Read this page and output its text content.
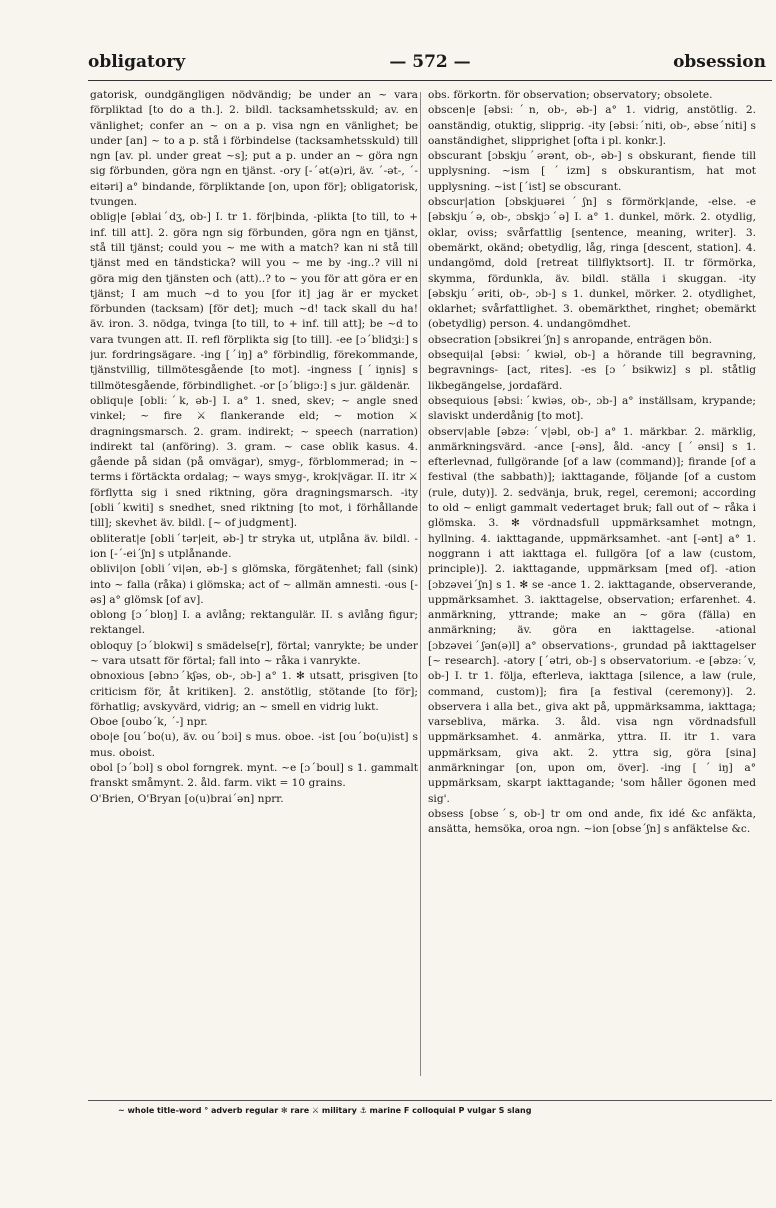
obligatory	— 572 —	obsession

gatorisk, oundgängligen nödvändig; be under an ~ vara förpliktad [to do a th.]. 2. bildl. tacksamhetsskuld; av. en vänlighet; confer an ~ on a p. visa ngn en vänlighet; be under [an] ~ to a p. stå i förbindelse (tacksamhetsskuld) till ngn [av. pl. under great ~s]; put a p. under an ~ göra ngn sig förbunden, göra ngn en tjänst. -ory [-ˊət(ə)ri, äv. ˊ-ət-, ˊ-eitəri] a° bindande, förpliktande [on, upon för]; obligatorisk, tvungen.

oblig|e [əblaiˊdʒ, ob-] I. tr 1. för|binda, -plikta [to till, to + inf. till att]. 2. göra ngn sig förbunden, göra ngn en tjänst, stå till tjänst; could you ~ me with a match? kan ni stå till tjänst med en tändsticka? will you ~ me by -ing..? vill ni göra mig den tjänsten och (att)..? to ~ you för att göra er en tjänst; I am much ~d to you [for it] jag är er mycket förbunden (tacksam) [för det]; much ~d! tack skall du ha! äv. iron. 3. nödga, tvinga [to till, to + inf. till att]; be ~d to vara tvungen att. II. refl förplikta sig [to till]. -ee [ɔˊblidʒiː] s jur. fordringsägare. -ing [ˊiŋ] a° förbindlig, förekommande, tjänstvillig, tillmötesgående [to mot]. -ingness [ˊiŋnis] s tillmötesgående, förbindlighet. -or [ɔˊbligɔː] s jur. gäldenär.

obliqu|e [obliːˊk, əb-] I. a° 1. sned, skev; ~ angle sned vinkel; ~ fire ⚔ flankerande eld; ~ motion ⚔ dragningsmarsch. 2. gram. indirekt; ~ speech (narration) indirekt tal (anföring). 3. gram. ~ case oblik kasus. 4. gående på sidan (på omvägar), smyg-, förblommerad; in ~ terms i förtäckta ordalag; ~ ways smyg-, krok|vägar. II. itr ⚔ förflytta sig i sned riktning, göra dragningsmarsch. -ity [obliˊkwiti] s snedhet, sned riktning [to mot, i förhållande till]; skevhet äv. bildl. [~ of judgment].

obliterat|e [obliˊtər|eit, əb-] tr stryka ut, utplåna äv. bildl. -ion [-ˊ-eiˊʃn] s utplånande.

oblivi|on [obliˊvi|ən, əb-] s glömska, förgätenhet; fall (sink) into ~ falla (råka) i glömska; act of ~ allmän amnesti. -ous [-əs] a° glömsk [of av].

oblong [ɔˊbloŋ] I. a avlång; rektangulär. II. s avlång figur; rektangel.

obloquy [ɔˊblokwi] s smädelse[r], förtal; vanrykte; be under ~ vara utsatt för förtal; fall into ~ råka i vanrykte.

obnoxious [əbnɔˊkʃəs, ob-, ɔb-] a° 1. ✻ utsatt, prisgiven [to criticism för, åt kritiken]. 2. anstötlig, stötande [to för]; förhatlig; avskyvärd, vidrig; an ~ smell en vidrig lukt.

Oboe [ouboˊk, ˊ-] npr.

obo|e [ouˊbo(u), äv. ouˊbɔi] s mus. oboe. -ist [ouˊbo(u)ist] s mus. oboist.

obol [ɔˊbɔl] s obol forngrek. mynt. ~e [ɔˊboul] s 1. gammalt franskt småmynt. 2. åld. farm. vikt = 10 grains.

O'Brien, O'Bryan [o(u)braiˊən] nprr.

obs. förkortn. för observation; observatory; obsolete.

obscen|e [əbsiːˊn, ob-, əb-] a° 1. vidrig, anstötlig. 2. oanständig, otuktig, slipprig. -ity [əbsiːˊniti, ob-, əbseˊniti] s oanständighet, slipprighet [ofta i pl. konkr.].

obscurant [ɔbskjuˊərənt, ob-, əb-] s obskurant, fiende till upplysning. ~ism [ˊizm] s obskurantism, hat mot upplysning. ~ist [ˊist] se obscurant.

obscur|ation [ɔbskjuəreiˊʃn] s förmörk|ande, -else. -e [əbskjuˊə, ob-, ɔbskjɔˊə] I. a° 1. dunkel, mörk. 2. otydlig, oklar, oviss; svårfattlig [sentence, meaning, writer]. 3. obemärkt, okänd; obetydlig, låg, ringa [descent, station]. 4. undangömd, dold [retreat tillflyktsort]. II. tr förmörka, skymma, fördunkla, äv. bildl. ställa i skuggan. -ity [əbskjuˊəriti, ob-, ɔb-] s 1. dunkel, mörker. 2. otydlighet, oklarhet; svårfattlighet. 3. obemärkthet, ringhet; obemärkt (obetydlig) person. 4. undangömdhet.

obsecration [ɔbsikreiˊʃn] s anropande, enträgen bön.

obsequi|al [əbsiːˊkwiəl, ob-] a hörande till begravning, begravnings- [act, rites]. -es [ɔˊbsikwiz] s pl. ståtlig likbegängelse, jordafärd.

obsequious [əbsiːˊkwiəs, ob-, ɔb-] a° inställsam, krypande; slaviskt underdånig [to mot].

observ|able [əbzəːˊv|əbl, ob-] a° 1. märkbar. 2. märklig, anmärkningsvärd. -ance [-əns], åld. -ancy [ˊənsi] s 1. efterlevnad, fullgörande [of a law (command)]; firande [of a festival (the sabbath)]; iakttagande, följande [of a custom (rule, duty)]. 2. sedvänja, bruk, regel, ceremoni; according to old ~ enligt gammalt vedertaget bruk; fall out of ~ råka i glömska. 3. ✻ vördnadsfull uppmärksamhet motngn, hyllning. 4. iakttagande, uppmärksamhet. -ant [-ənt] a° 1. noggrann i att iakttaga el. fullgöra [of a law (custom, principle)]. 2. iakttagande, uppmärksam [med of]. -ation [ɔbzəveiˊʃn] s 1. ✻ se -ance 1. 2. iakttagande, observerande, uppmärksamhet. 3. iakttagelse, observation; erfarenhet. 4. anmärkning, yttrande; make an ~ göra (fälla) en anmärkning; äv. göra en iakttagelse. -ational [ɔbzəveiˊʃən(ə)l] a° observations-, grundad på iakttagelser [~ research]. -atory [ˊətri, ob-] s observatorium. -e [əbzəːˊv, ob-] I. tr 1. följa, efterleva, iakttaga [silence, a law (rule, command, custom)]; fira [a festival (ceremony)]. 2. observera i alla bet., giva akt på, uppmärksamma, iakttaga; varsebliva, märka. 3. åld. visa ngn vördnadsfull uppmärksamhet. 4. anmärka, yttra. II. itr 1. vara uppmärksam, giva akt. 2. yttra sig, göra [sina] anmärkningar [on, upon om, över]. -ing [ˊiŋ] a° uppmärksam, skarpt iakttagande; 'som håller ögonen med sig'.

obsess [obseˊs, ob-] tr om ond ande, fix idé &c anfäkta, ansätta, hemsöka, oroa ngn. ~ion [obseˊʃn] s anfäktelse &c.

~ whole title-word ° adverb regular ✻ rare ⚔ military ⚓ marine F colloquial P vulgar S slang
